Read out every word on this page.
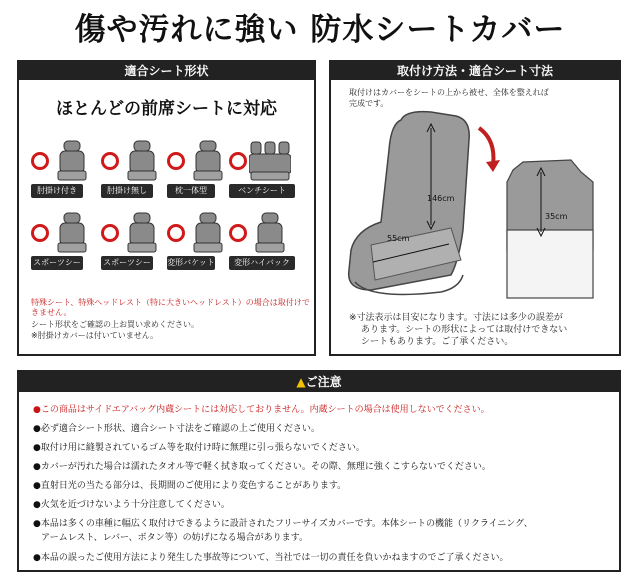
傷や汚れに強い 防水シートカバー
適合シート形状
ほとんどの前席シートに対応
肘掛け付き	肘掛け無し	枕一体型	ベンチシート
スポーツシート
スポーツシート
変形バケット	変形ハイバック
特殊シート、特殊ヘッドレスト（特に大きいヘッドレスト）の場合は取付けできません。
シート形状をご確認の上お買い求めください。
※肘掛けカバーは付いていません。
取付け方法・適合シート寸法
取付けはカバーをシートの上から被せ、全体を整えれば
完成です。
146cm
55cm
35cm
※寸法表示は目安になります。寸法には多少の誤差が
あります。シートの形状によっては取付けできない
シートもあります。ご了承ください。
▲ご注意
●この商品はサイドエアバッグ内蔵シートには対応しておりません。内蔵シートの場合は使用しないでください。
●必ず適合シート形状、適合シート寸法をご確認の上ご使用ください。
●取付け用に縫製されているゴム等を取付け時に無理に引っ張らないでください。
●カバーが汚れた場合は濡れたタオル等で軽く拭き取ってください。その際、無理に強くこすらないでください。
●直射日光の当たる部分は、長期間のご使用により変色することがあります。
●火気を近づけないよう十分注意してください。
●本品は多くの車種に幅広く取付けできるように設計されたフリーサイズカバーです。本体シートの機能（リクライニング、
アームレスト、レバー、ボタン等）の妨げになる場合があります。
●本品の誤ったご使用方法により発生した事故等について、当社では一切の責任を負いかねますのでご了承ください。
